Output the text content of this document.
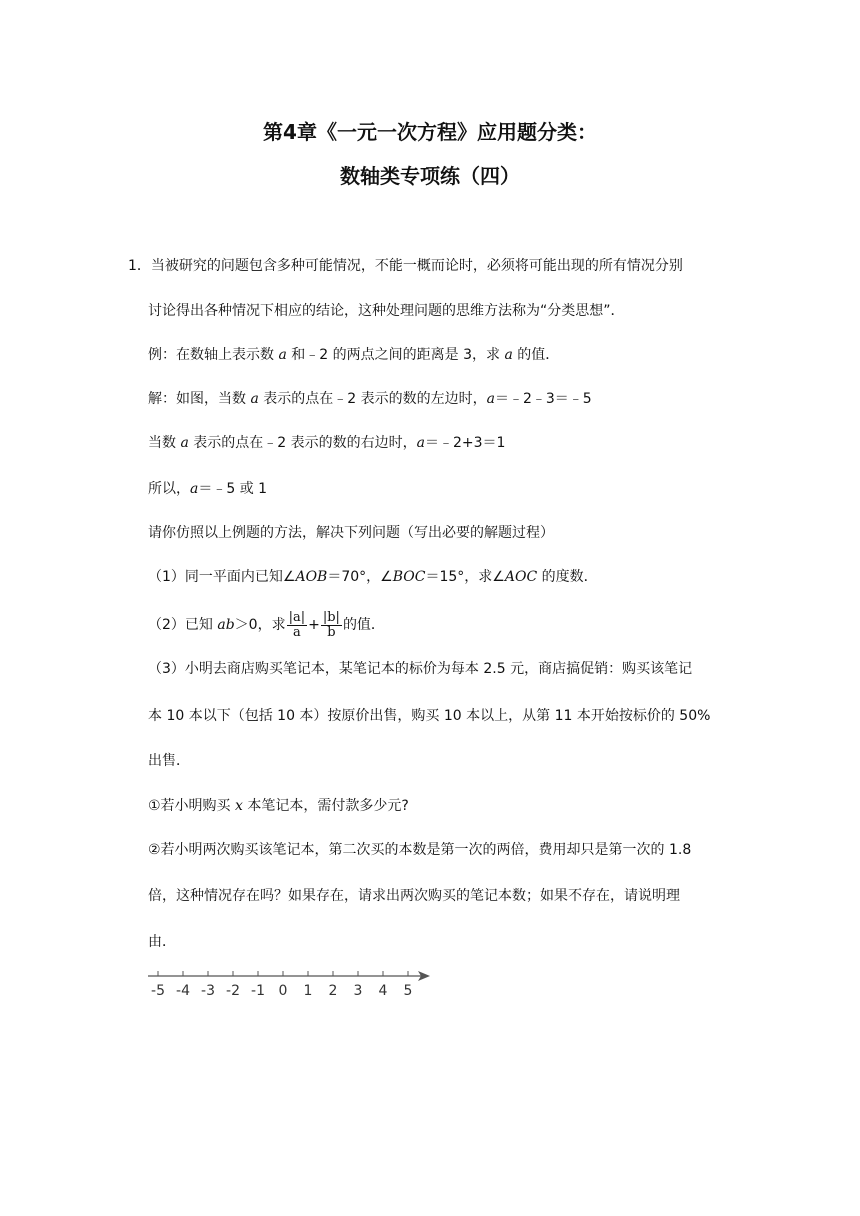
第4章《一元一次方程》应用题分类：
数轴类专项练（四）
1．当被研究的问题包含多种可能情况，不能一概而论时，必须将可能出现的所有情况分别
讨论得出各种情况下相应的结论，这种处理问题的思维方法称为“分类思想”．
例：在数轴上表示数 a 和﹣2 的两点之间的距离是 3，求 a 的值．
解：如图，当数 a 表示的点在﹣2 表示的数的左边时，a＝﹣2﹣3＝﹣5
当数 a 表示的点在﹣2 表示的数的右边时，a＝﹣2+3＝1
所以，a＝﹣5 或 1
请你仿照以上例题的方法，解决下列问题（写出必要的解题过程）
（1）同一平面内已知∠AOB＝70°，∠BOC＝15°，求∠AOC 的度数．
（2）已知 ab＞0，求 $\frac{|a|}{a} + \frac{|b|}{b}$ 的值．
（3）小明去商店购买笔记本，某笔记本的标价为每本 2.5 元，商店搞促销：购买该笔记
本 10 本以下（包括 10 本）按原价出售，购买 10 本以上，从第 11 本开始按标价的 50%
出售．
①若小明购买 x 本笔记本，需付款多少元?
②若小明两次购买该笔记本，第二次买的本数是第一次的两倍，费用却只是第一次的 1.8
倍，这种情况存在吗？如果存在，请求出两次购买的笔记本数；如果不存在，请说明理
由．
-5 -4 -3 -2 -1 0 1 2 3 4 5
